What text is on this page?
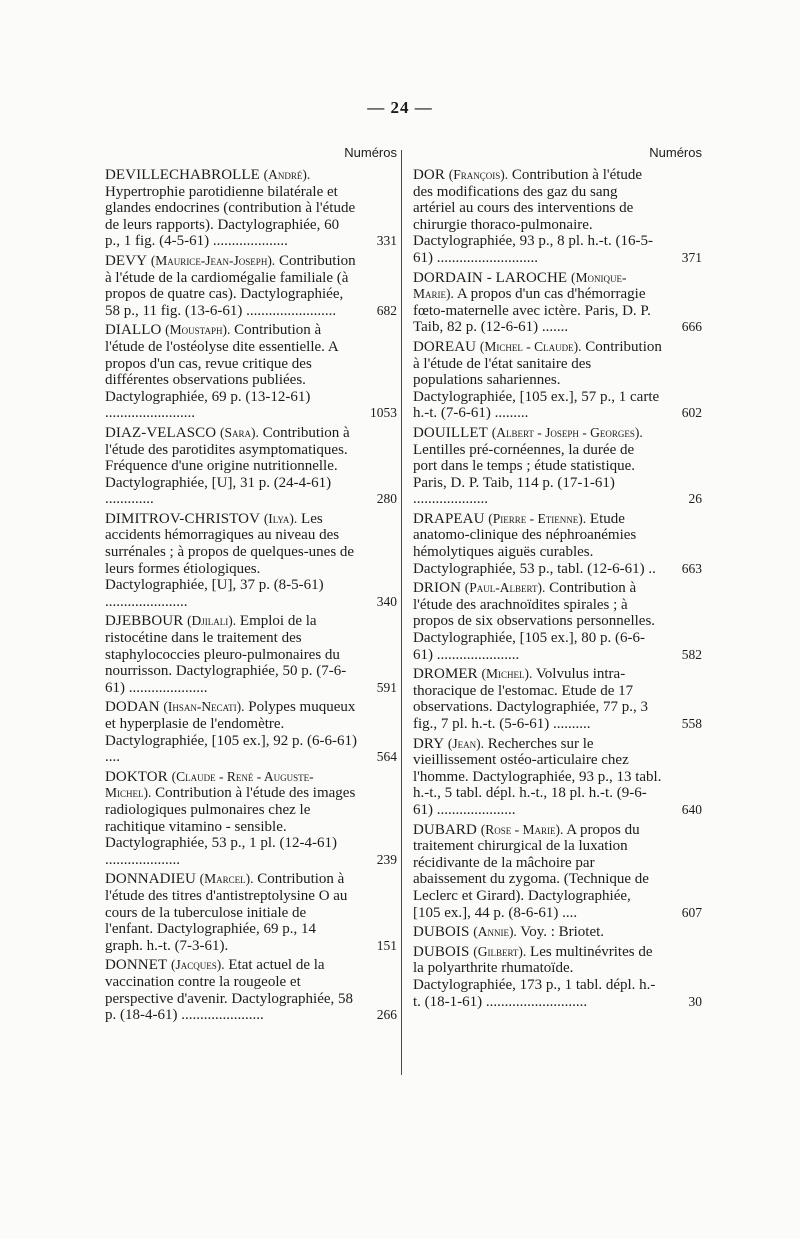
— 24 —
Numéros
DEVILLECHABROLLE (André). Hypertrophie parotidienne bilatérale et glandes endocrines (contribution à l'étude de leurs rapports). Dactylographiée, 60 p., 1 fig. (4-5-61) ....................	331
DEVY (Maurice-Jean-Joseph). Contribution à l'étude de la cardiomégalie familiale (à propos de quatre cas). Dactylographiée, 58 p., 11 fig. (13-6-61) ........................	682
DIALLO (Moustaph). Contribution à l'étude de l'ostéolyse dite essentielle. A propos d'un cas, revue critique des différentes observations publiées. Dactylographiée, 69 p. (13-12-61) ........................	1053
DIAZ-VELASCO (Sara). Contribution à l'étude des parotidites asymptomatiques. Fréquence d'une origine nutritionnelle. Dactylographiée, [U], 31 p. (24-4-61) .............	280
DIMITROV-CHRISTOV (Ilya). Les accidents hémorragiques au niveau des surrénales ; à propos de quelques-unes de leurs formes étiologiques. Dactylographiée, [U], 37 p. (8-5-61) ......................	340
DJEBBOUR (Djilali). Emploi de la ristocétine dans le traitement des staphylococcies pleuro-pulmonaires du nourrisson. Dactylographiée, 50 p. (7-6-61) .....................	591
DODAN (Ihsan-Necati). Polypes muqueux et hyperplasie de l'endomètre. Dactylographiée, [105 ex.], 92 p. (6-6-61) ....	564
DOKTOR (Claude - René - Auguste-Michel). Contribution à l'étude des images radiologiques pulmonaires chez le rachitique vitamino - sensible. Dactylographiée, 53 p., 1 pl. (12-4-61) ....................	239
DONNADIEU (Marcel). Contribution à l'étude des titres d'antistreptolysine O au cours de la tuberculose initiale de l'enfant. Dactylographiée, 69 p., 14 graph. h.-t. (7-3-61).	151
DONNET (Jacques). Etat actuel de la vaccination contre la rougeole et perspective d'avenir. Dactylographiée, 58 p. (18-4-61) ......................	266
Numéros
DOR (François). Contribution à l'étude des modifications des gaz du sang artériel au cours des interventions de chirurgie thoraco-pulmonaire. Dactylographiée, 93 p., 8 pl. h.-t. (16-5-61) ...........................	371
DORDAIN - LAROCHE (Monique-Marie). A propos d'un cas d'hémorragie fœto-maternelle avec ictère. Paris, D. P. Taib, 82 p. (12-6-61) .......	666
DOREAU (Michel - Claude). Contribution à l'étude de l'état sanitaire des populations sahariennes. Dactylographiée, [105 ex.], 57 p., 1 carte h.-t. (7-6-61) .........	602
DOUILLET (Albert - Joseph - Georges). Lentilles pré-cornéennes, la durée de port dans le temps ; étude statistique. Paris, D. P. Taib, 114 p. (17-1-61) ....................	26
DRAPEAU (Pierre - Etienne). Etude anatomo-clinique des néphroanémies hémolytiques aiguës curables. Dactylographiée, 53 p., tabl. (12-6-61) ..	663
DRION (Paul-Albert). Contribution à l'étude des arachnoïdites spirales ; à propos de six observations personnelles. Dactylographiée, [105 ex.], 80 p. (6-6-61) ......................	582
DROMER (Michel). Volvulus intra-thoracique de l'estomac. Etude de 17 observations. Dactylographiée, 77 p., 3 fig., 7 pl. h.-t. (5-6-61) ..........	558
DRY (Jean). Recherches sur le vieillissement ostéo-articulaire chez l'homme. Dactylographiée, 93 p., 13 tabl. h.-t., 5 tabl. dépl. h.-t., 18 pl. h.-t. (9-6-61) .....................	640
DUBARD (Rose - Marie). A propos du traitement chirurgical de la luxation récidivante de la mâchoire par abaissement du zygoma. (Technique de Leclerc et Girard). Dactylographiée, [105 ex.], 44 p. (8-6-61) ....	607
DUBOIS (Annie). Voy. : Briotet.
DUBOIS (Gilbert). Les multinévrites de la polyarthrite rhumatoïde. Dactylographiée, 173 p., 1 tabl. dépl. h.-t. (18-1-61) ...........................	30
